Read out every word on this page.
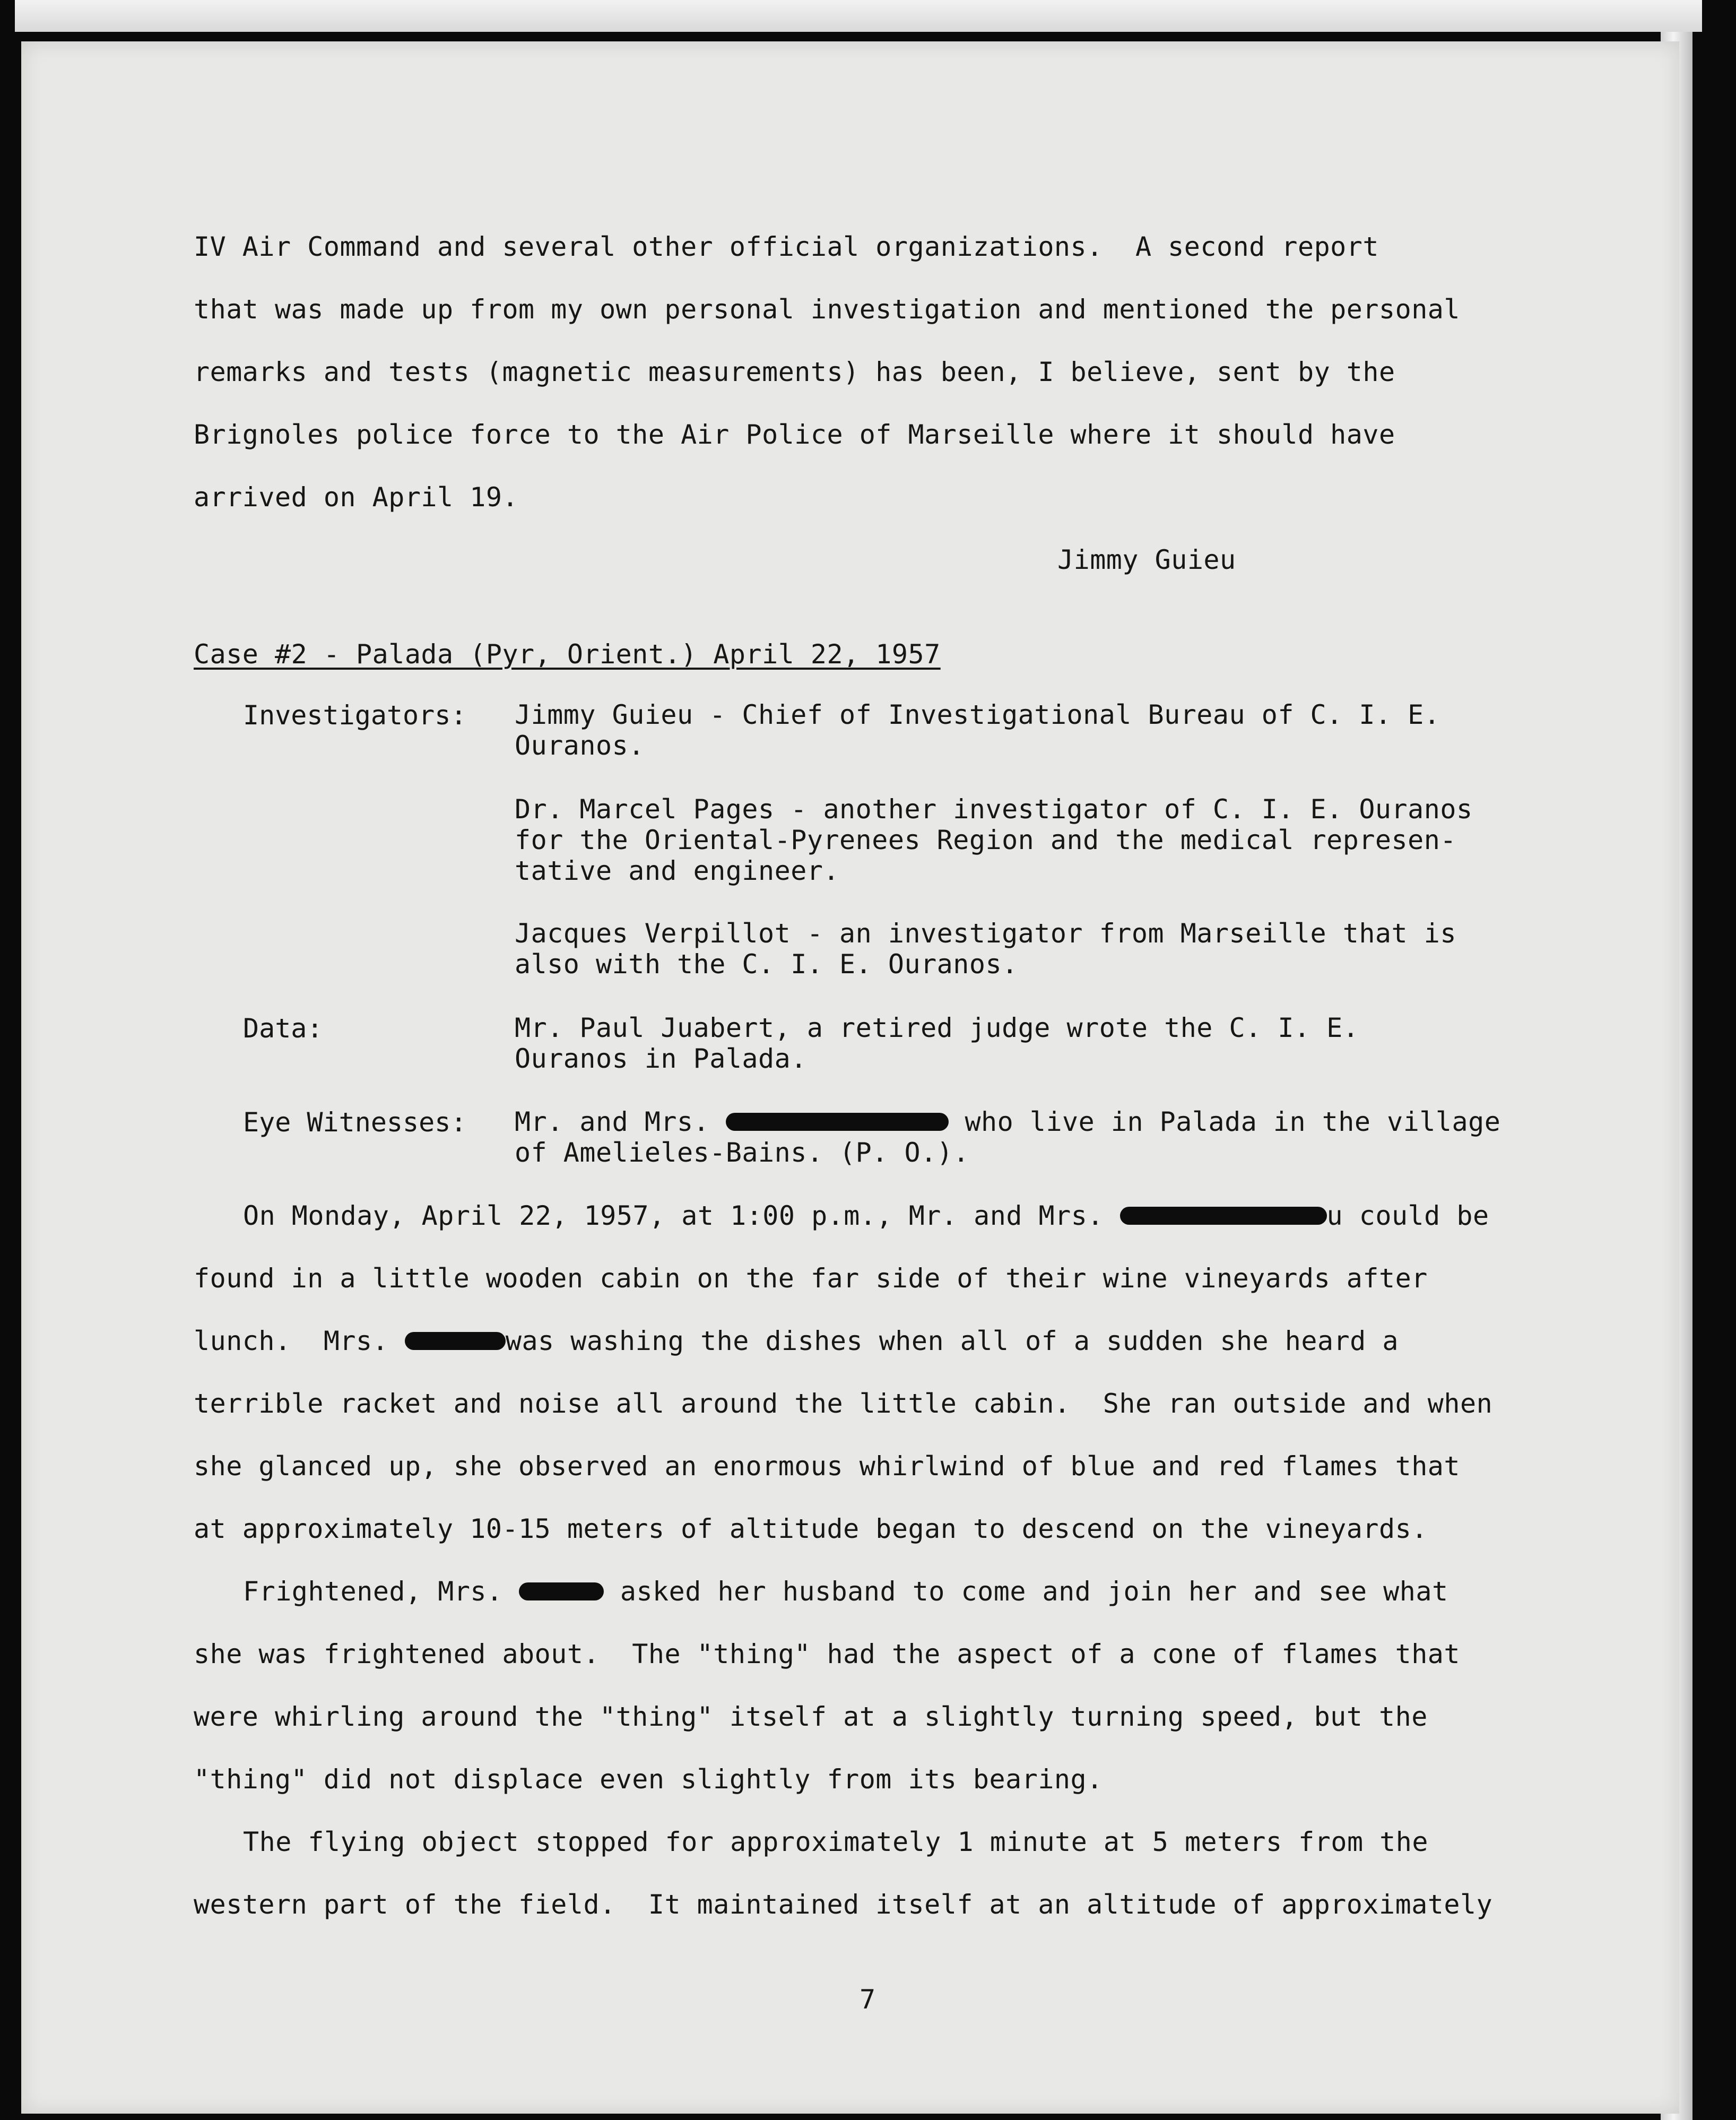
IV Air Command and several other official organizations.  A second report

that was made up from my own personal investigation and mentioned the personal

remarks and tests (magnetic measurements) has been, I believe, sent by the

Brignoles police force to the Air Police of Marseille where it should have

arrived on April 19.

Jimmy Guieu

Case #2 - Palada (Pyr, Orient.) April 22, 1957

Investigators: Jimmy Guieu - Chief of Investigational Bureau of C. I. E.
Ouranos.

Dr. Marcel Pages - another investigator of C. I. E. Ouranos
for the Oriental-Pyrenees Region and the medical represen-
tative and engineer.

Jacques Verpillot - an investigator from Marseille that is
also with the C. I. E. Ouranos.

Data:	Mr. Paul Juabert, a retired judge wrote the C. I. E.
Ouranos in Palada.

Eye Witnesses: Mr. and Mrs.	who live in Palada in the village
of Amelieles-Bains. (P. O.).

On Monday, April 22, 1957, at 1:00 p.m., Mr. and Mrs.	u could be

found in a little wooden cabin on the far side of their wine vineyards after

lunch.  Mrs.	was washing the dishes when all of a sudden she heard a

terrible racket and noise all around the little cabin.  She ran outside and when

she glanced up, she observed an enormous whirlwind of blue and red flames that

at approximately 10-15 meters of altitude began to descend on the vineyards.

Frightened, Mrs.	asked her husband to come and join her and see what

she was frightened about.  The "thing" had the aspect of a cone of flames that

were whirling around the "thing" itself at a slightly turning speed, but the

"thing" did not displace even slightly from its bearing.

The flying object stopped for approximately 1 minute at 5 meters from the

western part of the field.  It maintained itself at an altitude of approximately

7
